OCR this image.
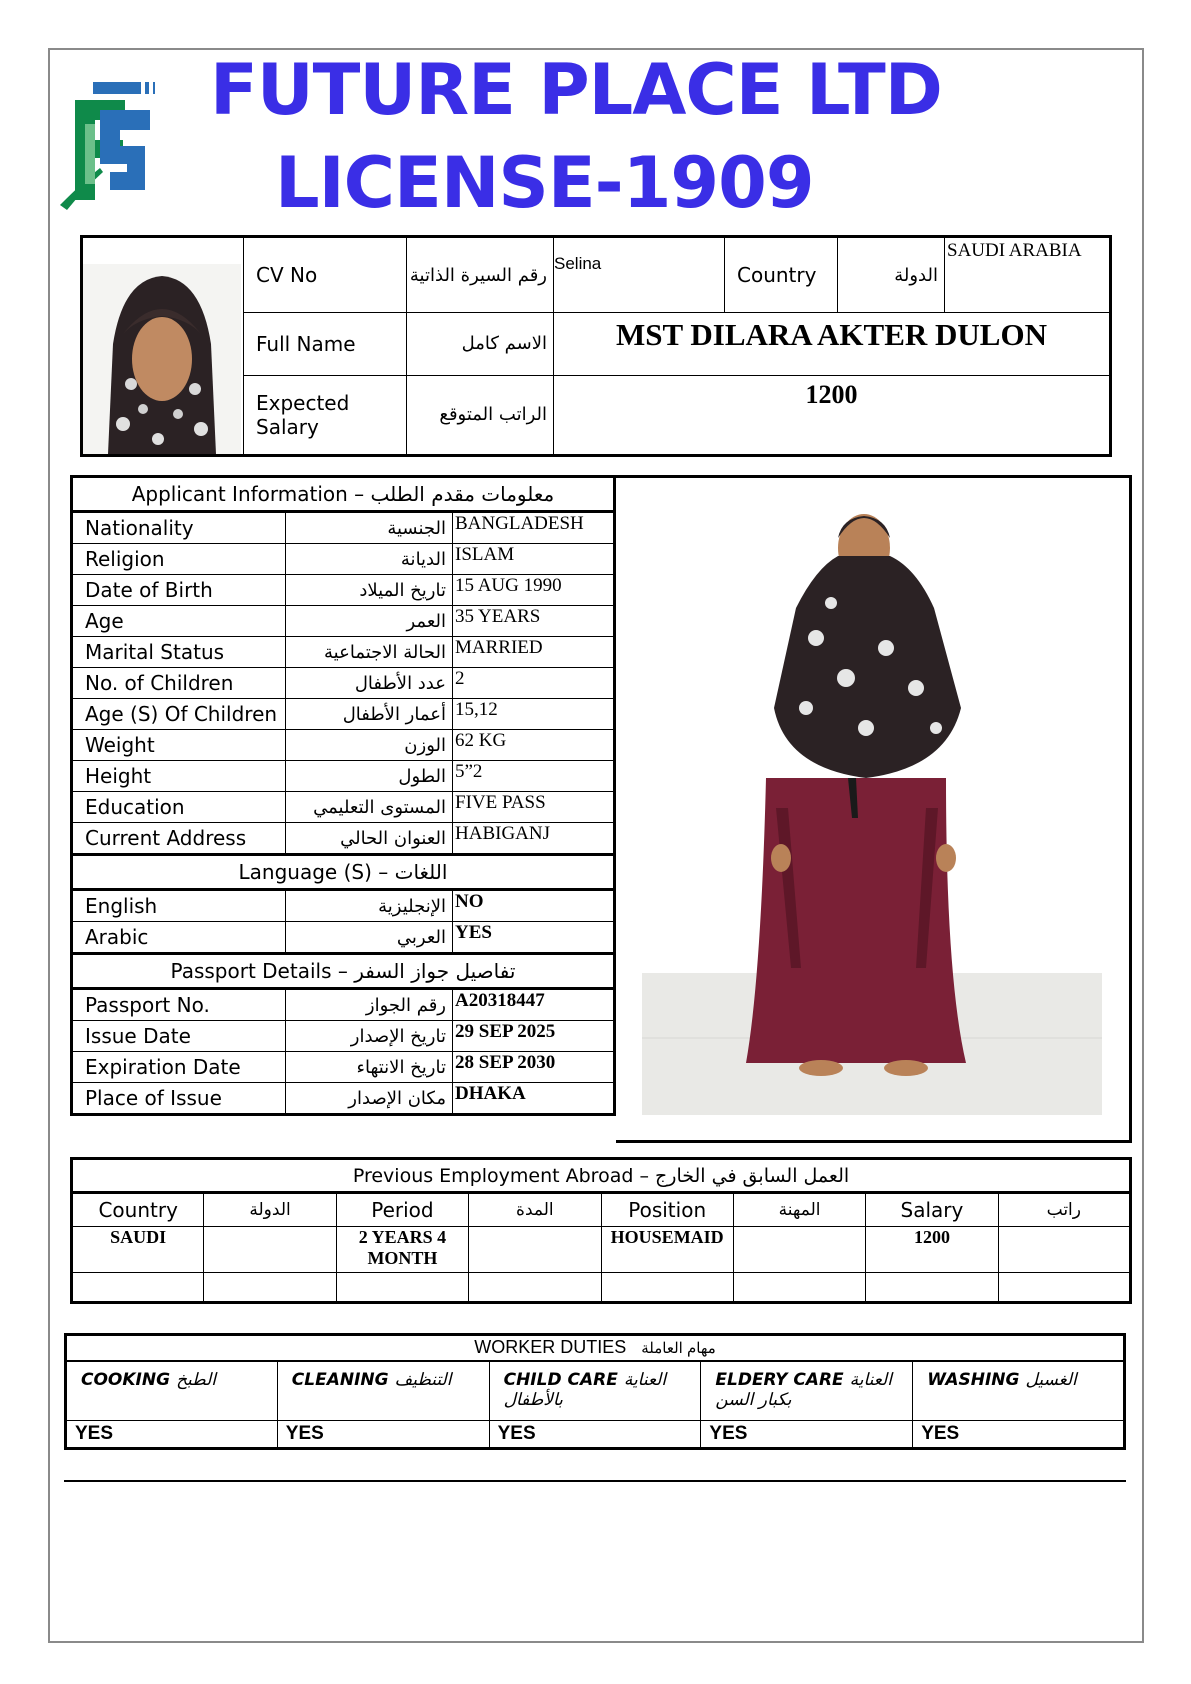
FUTURE PLACE LTD
LICENSE-1909
	CV No	رقم السيرة الذاتية	Selina	Country	الدولة	SAUDI ARABIA
	Full Name	الاسم كامل	MST DILARA AKTER DULON			
	Expected Salary	الراتب المتوقع	1200			
Applicant Information – معلومات مقدم الطلب		
Nationality	الجنسية	BANGLADESH
Religion	الديانة	ISLAM
Date of Birth	تاريخ الميلاد	15 AUG 1990
Age	العمر	35 YEARS
Marital Status	الحالة الاجتماعية	MARRIED
No. of Children	عدد الأطفال	2
Age (S) Of Children	أعمار الأطفال	15,12
Weight	الوزن	62 KG
Height	الطول	5”2
Education	المستوى التعليمي	FIVE PASS
Current Address	العنوان الحالي	HABIGANJ
Language (S) – اللغات		
English	الإنجليزية	NO
Arabic	العربي	YES
Passport Details – تفاصيل جواز السفر		
Passport No.	رقم الجواز	A20318447
Issue Date	تاريخ الإصدار	29 SEP 2025
Expiration Date	تاريخ الانتهاء	28 SEP 2030
Place of Issue	مكان الإصدار	DHAKA
Previous Employment Abroad – العمل السابق في الخارج							
Country	الدولة	Period	المدة	Position	المهنة	Salary	راتب
SAUDI		2 YEARS 4 MONTH		HOUSEMAID		1200	

WORKER DUTIES مهام العاملة				
COOKING الطبخ	CLEANING التنظيف	CHILD CARE العناية بالأطفال	ELDERY CARE العناية بكبار السن	WASHING الغسيل
YES	YES	YES	YES	YES
